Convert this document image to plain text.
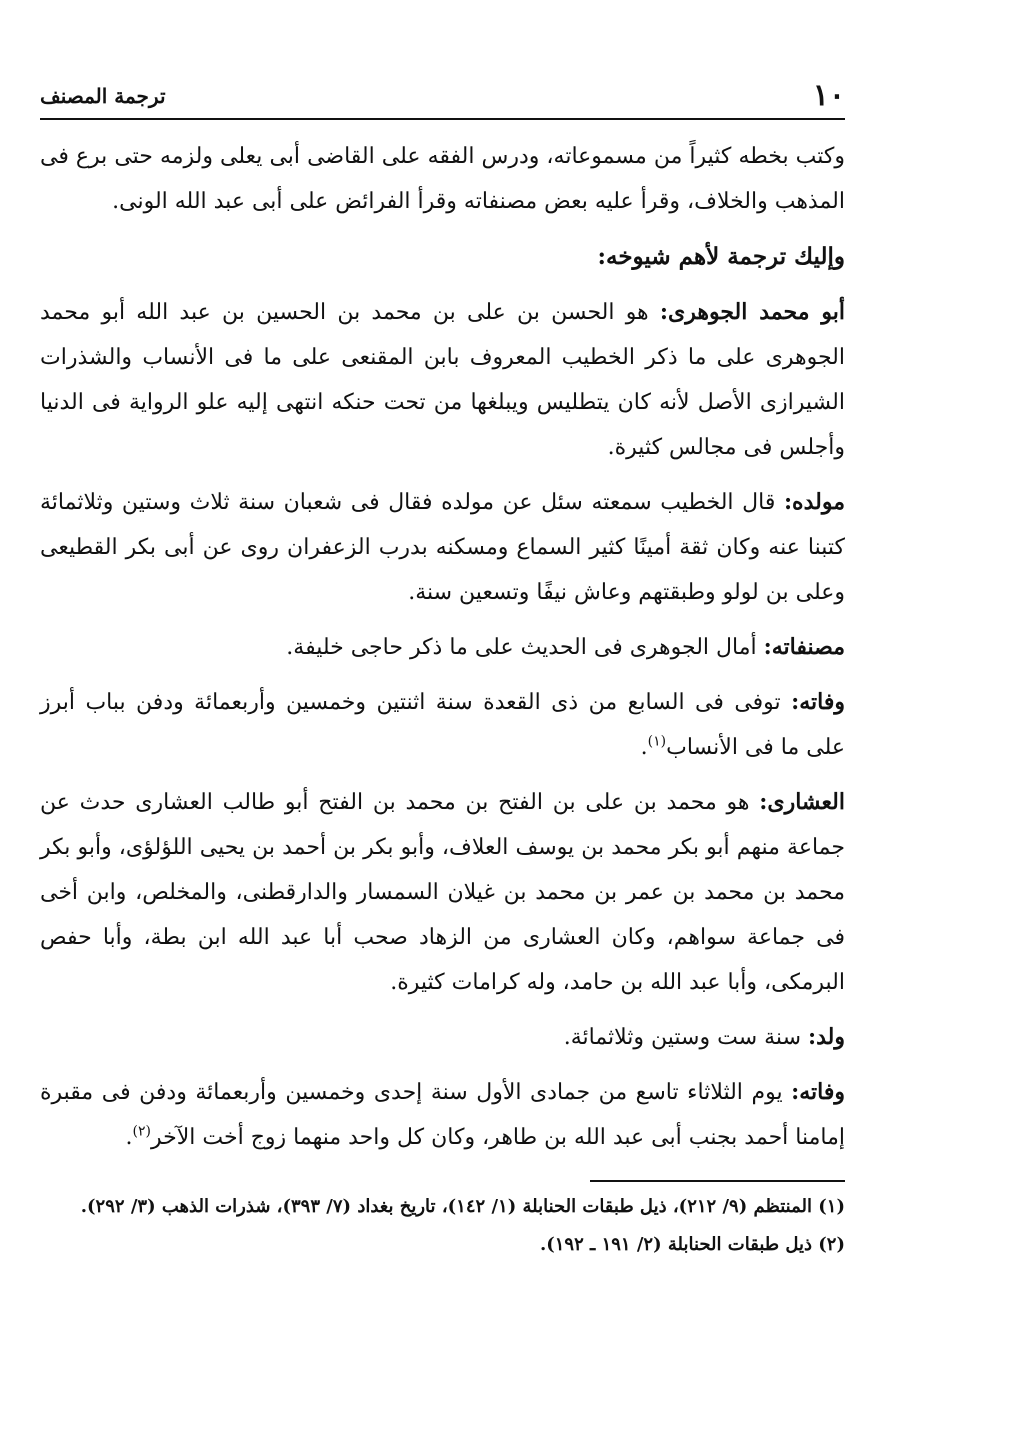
١٠
ترجمة المصنف

وكتب بخطه كثيراً من مسموعاته، ودرس الفقه على القاضى أبى يعلى ولزمه حتى برع فى المذهب والخلاف، وقرأ عليه بعض مصنفاته وقرأ الفرائض على أبى عبد الله الونى.

وإليك ترجمة لأهم شيوخه:

أبو محمد الجوهرى: هو الحسن بن على بن محمد بن الحسين بن عبد الله أبو محمد الجوهرى على ما ذكر الخطيب المعروف بابن المقنعى على ما فى الأنساب والشذرات الشيرازى الأصل لأنه كان يتطليس ويبلغها من تحت حنكه انتهى إليه علو الرواية فى الدنيا وأجلس فى مجالس كثيرة.

مولده: قال الخطيب سمعته سئل عن مولده فقال فى شعبان سنة ثلاث وستين وثلاثمائة كتبنا عنه وكان ثقة أمينًا كثير السماع ومسكنه بدرب الزعفران روى عن أبى بكر القطيعى وعلى بن لولو وطبقتهم وعاش نيفًا وتسعين سنة.

مصنفاته: أمال الجوهرى فى الحديث على ما ذكر حاجى خليفة.

وفاته: توفى فى السابع من ذى القعدة سنة اثنتين وخمسين وأربعمائة ودفن بباب أبرز على ما فى الأنساب$^{(١)}$.

العشارى: هو محمد بن على بن الفتح بن محمد بن الفتح أبو طالب العشارى حدث عن جماعة منهم أبو بكر محمد بن يوسف العلاف، وأبو بكر بن أحمد بن يحيى اللؤلؤى، وأبو بكر محمد بن محمد بن عمر بن محمد بن غيلان السمسار والدارقطنى، والمخلص، وابن أخى فى جماعة سواهم، وكان العشارى من الزهاد صحب أبا عبد الله ابن بطة، وأبا حفص البرمكى، وأبا عبد الله بن حامد، وله كرامات كثيرة.

ولد: سنة ست وستين وثلاثمائة.

وفاته: يوم الثلاثاء تاسع من جمادى الأول سنة إحدى وخمسين وأربعمائة ودفن فى مقبرة إمامنا أحمد بجنب أبى عبد الله بن طاهر، وكان كل واحد منهما زوج أخت الآخر$^{(٢)}$.

(١) المنتظم (٩/ ٢١٢)، ذيل طبقات الحنابلة (١/ ١٤٢)، تاريخ بغداد (٧/ ٣٩٣)، شذرات الذهب (٣/ ٢٩٢).

(٢) ذيل طبقات الحنابلة (٢/ ١٩١ ـ ١٩٢).
